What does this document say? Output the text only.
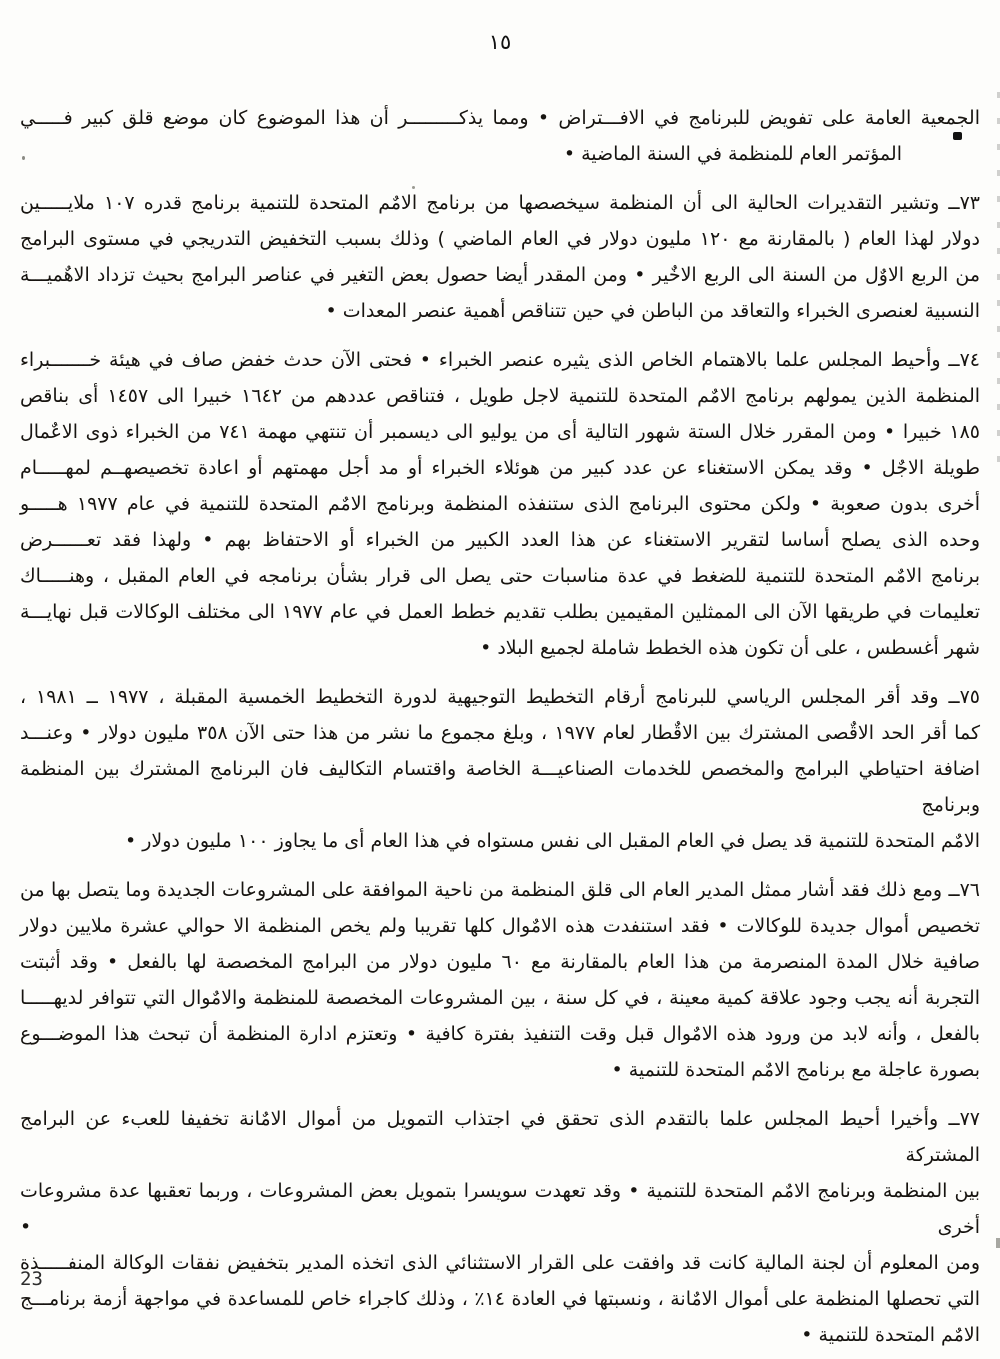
١٥
الجمعية العامة على تفويض للبرنامج في الافـــتراض • ومما يذكـــــــــر أن هذا الموضوع كان موضع قلق كبير فـــــي
المؤتمر العام للمنظمة في السنة الماضية •
٧٣ــ وتشير التقديرات الحالية الى أن المنظمة سيخصصها من برنامج الامٌم المتحدة للتنمية برنامج قدره ١٠٧ ملايـــــين
دولار لهذا العام ( بالمقارنة مع ١٢٠ مليون دولار في العام الماضي ) وذلك بسبب التخفيض التدريجي في مستوى البرامج
من الربع الاوٌل من السنة الى الربع الاخٌير • ومن المقدر أيضا حصول بعض التغير في عناصر البرامج بحيث تزداد الاهٌميـــة
النسبية لعنصرى الخبراء والتعاقد من الباطن في حين تتناقص أهمية عنصر المعدات •
٧٤ــ وأحيط المجلس علما بالاهتمام الخاص الذى يثيره عنصر الخبراء • فحتى الآن حدث خفض صاف في هيئة خـــــــبراء
المنظمة الذين يمولهم برنامج الامٌم المتحدة للتنمية لاجل طويل ، فتناقص عددهم من ١٦٤٢ خبيرا الى ١٤٥٧ أى بناقص
١٨٥ خبيرا • ومن المقرر خلال الستة شهور التالية أى من يوليو الى ديسمبر أن تنتهي مهمة ٧٤١ من الخبراء ذوى الاعٌمال
طويلة الاجٌل • وقد يمكن الاستغناء عن عدد كبير من هوئلاء الخبراء أو مد أجل مهمتهم أو اعادة تخصيصهــم لمهـــــام
أخرى بدون صعوبة • ولكن محتوى البرنامج الذى ستنفذه المنظمة وبرنامج الامٌم المتحدة للتنمية في عام ١٩٧٧ هـــــو
وحده الذى يصلح أساسا لتقرير الاستغناء عن هذا العدد الكبير من الخبراء أو الاحتفاظ بهم • ولهذا فقد تعــــــرض
برنامج الامٌم المتحدة للتنمية للضغط في عدة مناسبات حتى يصل الى قرار بشأن برنامجه في العام المقبل ، وهنـــــاك
تعليمات في طريقها الآن الى الممثلين المقيمين بطلب تقديم خطط العمل في عام ١٩٧٧ الى مختلف الوكالات قبل نهايـــة
شهر أغسطس ، على أن تكون هذه الخطط شاملة لجميع البلاد •
٧٥ــ وقد أقر المجلس الرياسي للبرنامج أرقام التخطيط التوجيهية لدورة التخطيط الخمسية المقبلة ، ١٩٧٧ ــ ١٩٨١ ،
كما أقر الحد الاقٌصى المشترك بين الاقٌطار لعام ١٩٧٧ ، وبلغ مجموع ما نشر من هذا حتى الآن ٣٥٨ مليون دولار • وعنـــد
اضافة احتياطي البرامج والمخصص للخدمات الصناعيـــة الخاصة واقتسام التكاليف فان البرنامج المشترك بين المنظمة وبرنامج
الامٌم المتحدة للتنمية قد يصل في العام المقبل الى نفس مستواه في هذا العام أى ما يجاوز ١٠٠ مليون دولار •
٧٦ــ ومع ذلك فقد أشار ممثل المدير العام الى قلق المنظمة من ناحية الموافقة على المشروعات الجديدة وما يتصل بها من
تخصيص أموال جديدة للوكالات • فقد استنفدت هذه الامٌوال كلها تقريبا ولم يخص المنظمة الا حوالي عشرة ملايين دولار
صافية خلال المدة المنصرمة من هذا العام بالمقارنة مع ٦٠ مليون دولار من البرامج المخصصة لها بالفعل • وقد أثبتت
التجربة أنه يجب وجود علاقة كمية معينة ، في كل سنة ، بين المشروعات المخصصة للمنظمة والامٌوال التي تتوافر لديهـــــا
بالفعل ، وأنه لابد من ورود هذه الامٌوال قبل وقت التنفيذ بفترة كافية • وتعتزم ادارة المنظمة أن تبحث هذا الموضـــوع
بصورة عاجلة مع برنامج الامٌم المتحدة للتنمية •
٧٧ــ وأخيرا أحيط المجلس علما بالتقدم الذى تحقق في اجتذاب التمويل من أموال الامٌانة تخفيفا للعبء عن البرامج المشتركة
بين المنظمة وبرنامج الامٌم المتحدة للتنمية • وقد تعهدت سويسرا بتمويل بعض المشروعات ، وربما تعقبها عدة مشروعات أخرى •
ومن المعلوم أن لجنة المالية كانت قد وافقت على القرار الاستثنائي الذى اتخذه المدير بتخفيض نفقات الوكالة المنفـــــذة
التي تحصلها المنظمة على أموال الامٌانة ، ونسبتها في العادة ١٤٪ ، وذلك كاجراء خاص للمساعدة في مواجهة أزمة برنامـــج
الامٌم المتحدة للتنمية •
23
